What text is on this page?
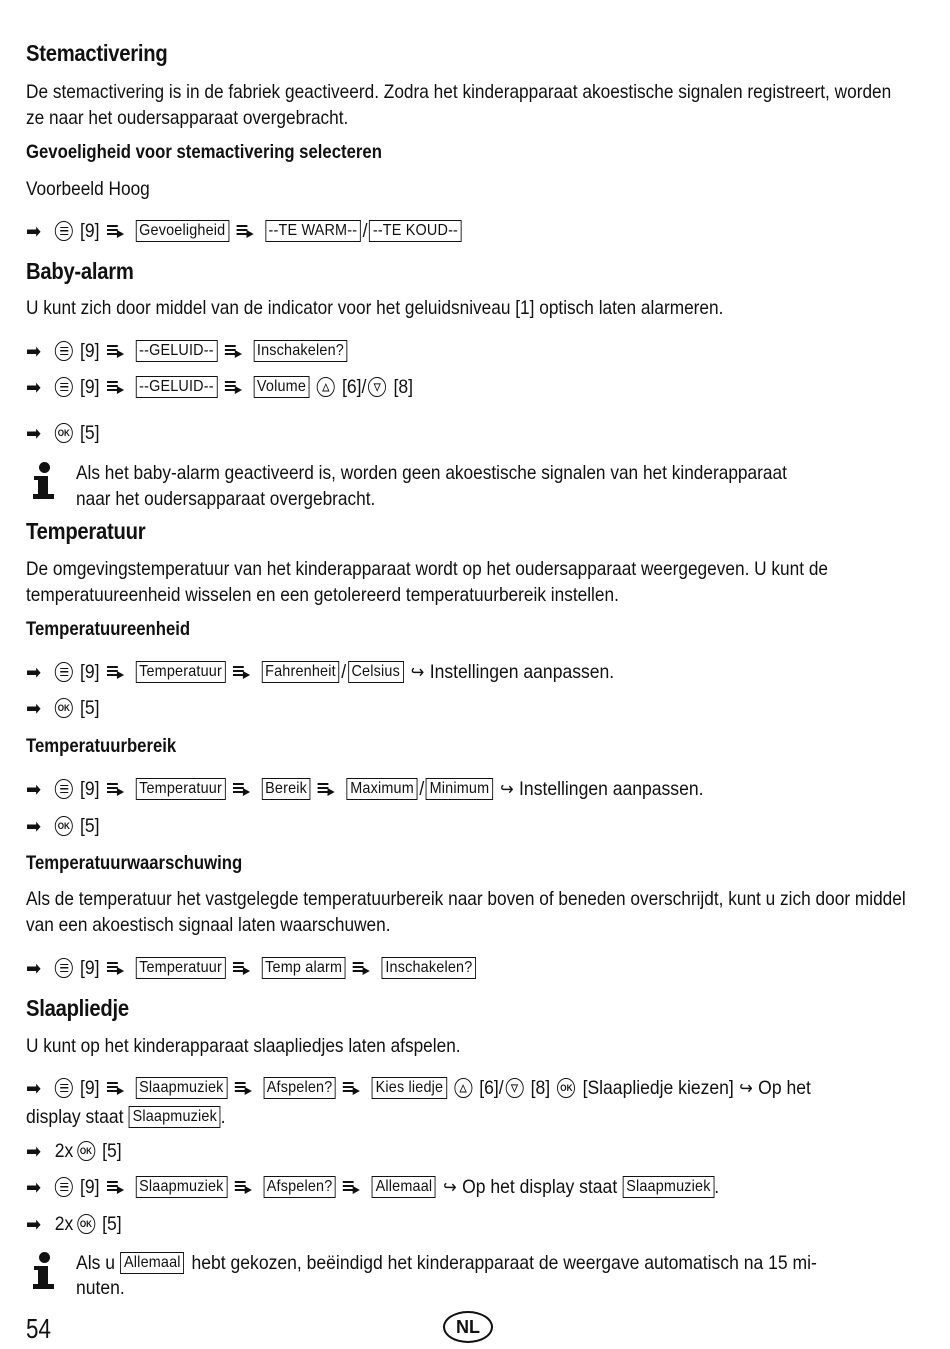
Stemactivering

De stemactivering is in de fabriek geactiveerd. Zodra het kinderapparaat akoestische signalen registreert, worden ze naar het oudersapparaat overgebracht.

Gevoeligheid voor stemactivering selecteren

Voorbeeld Hoog

➡ [9] Gevoeligheid	--TE WARM-- / --TE KOUD--
Baby-alarm

U kunt zich door middel van de indicator voor het geluidsniveau [1] optisch laten alarmeren.

➡ [9] --GELUID--	Inschakelen?
➡ [9] --GELUID--	Volume △ [6]/ ▽ [8]
➡	OK [5]

Als het baby-alarm geactiveerd is, worden geen akoestische signalen van het kinderapparaat naar het oudersapparaat overgebracht.

Temperatuur

De omgevingstemperatuur van het kinderapparaat wordt op het oudersapparaat weergegeven. U kunt de temperatuureenheid wisselen en een getolereerd temperatuurbereik instellen.

Temperatuureenheid
➡ [9] Temperatuur	Fahrenheit / Celsius ↪ Instellingen aanpassen.
➡	OK [5]
Temperatuurbereik
➡ [9] Temperatuur	Bereik	Maximum / Minimum ↪ Instellingen aanpassen.
➡	OK [5]
Temperatuurwaarschuwing

Als de temperatuur het vastgelegde temperatuurbereik naar boven of beneden overschrijdt, kunt u zich door middel van een akoestisch signaal laten waarschuwen.

➡ [9] Temperatuur	Temp alarm	Inschakelen?
Slaapliedje

U kunt op het kinderapparaat slaapliedjes laten afspelen.

➡ [9] Slaapmuziek	Afspelen?	Kies liedje △ [6]/ ▽ [8]	OK [Slaapliedje kiezen] ↪ Op het
display staat Slaapmuziek .
➡ 2x OK [5]
➡ [9] Slaapmuziek	Afspelen?	Allemaal ↪ Op het display staat Slaapmuziek .
➡ 2x OK [5]
Als u Allemaal hebt gekozen, beëindigd het kinderapparaat de weergave automatisch na 15 mi-
nuten.
54	NL
